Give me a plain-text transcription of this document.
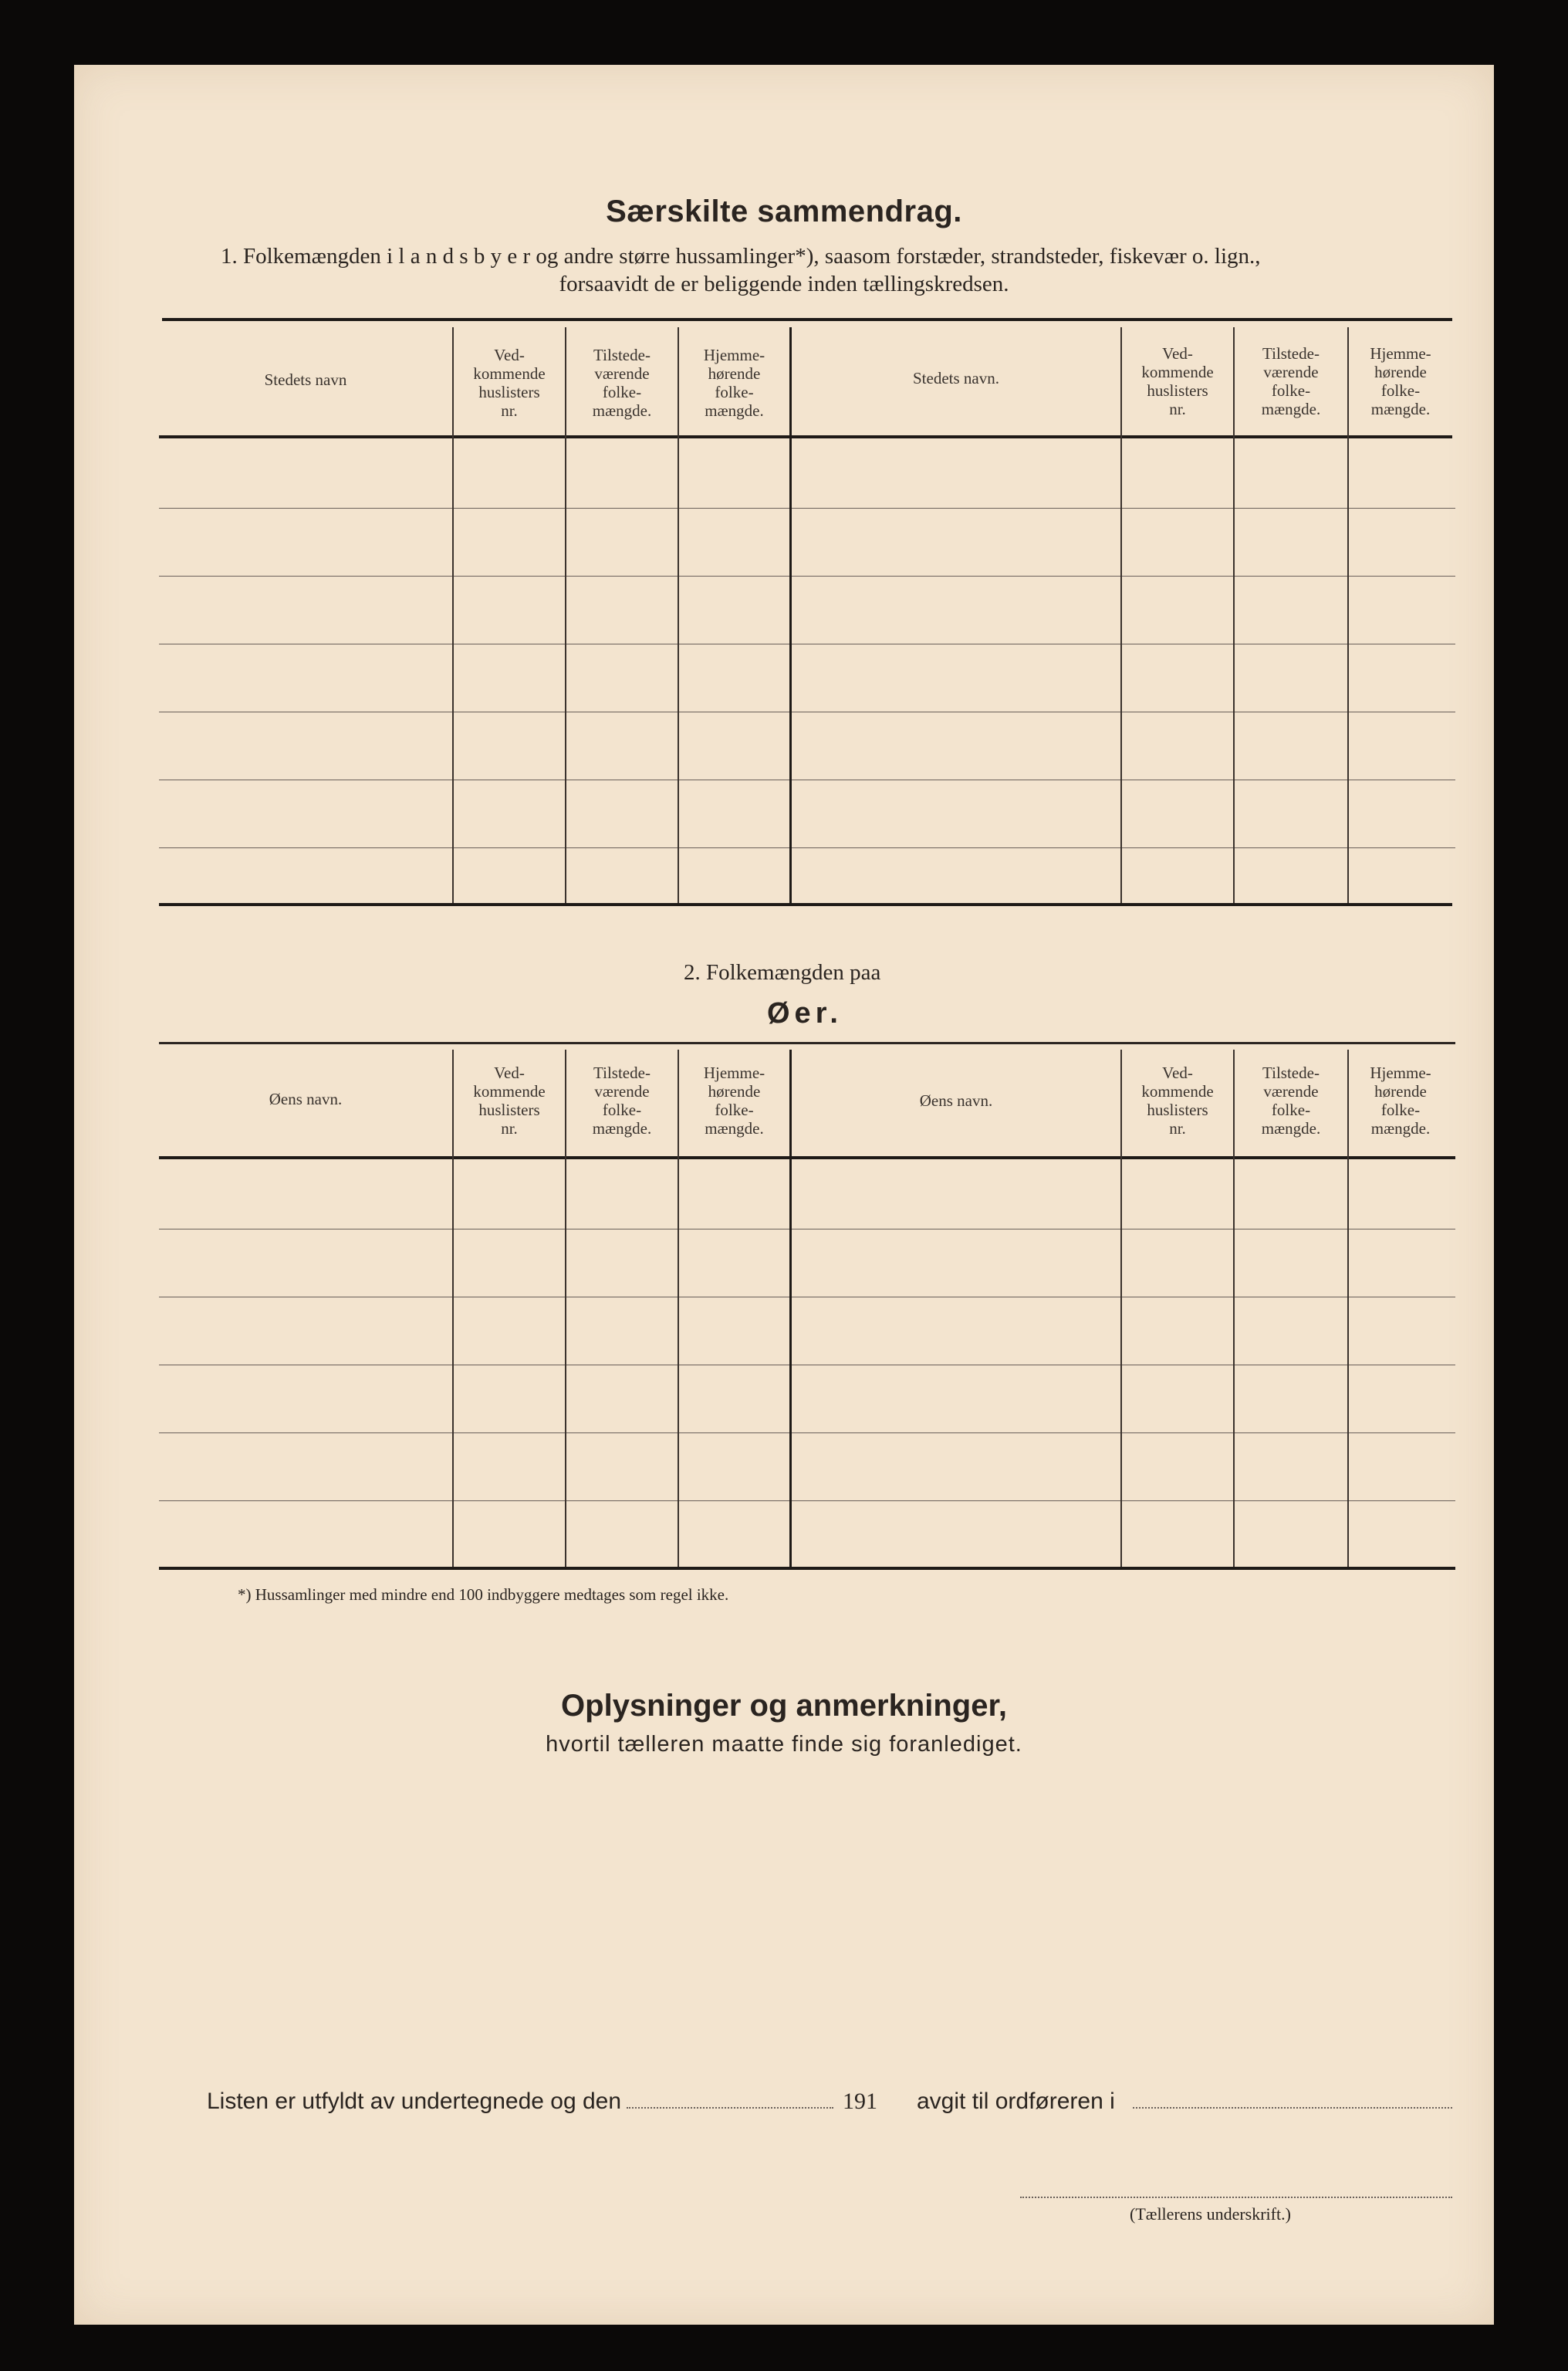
Særskilte sammendrag.
1. Folkemængden i l a n d s b y e r og andre større hussamlinger*), saasom forstæder, strandsteder, fiskevær o. lign.,
forsaavidt de er beliggende inden tællingskredsen.
Stedets navn
Ved-
kommende
huslisters
nr.
Tilstede-
værende
folke-
mængde.
Hjemme-
hørende
folke-
mængde.
Stedets navn.
Ved-
kommende
huslisters
nr.
Tilstede-
værende
folke-
mængde.
Hjemme-
hørende
folke-
mængde.
2. Folkemængden paa
Øer.
Øens navn.
Ved-
kommende
huslisters
nr.
Tilstede-
værende
folke-
mængde.
Hjemme-
hørende
folke-
mængde.
Øens navn.
Ved-
kommende
huslisters
nr.
Tilstede-
værende
folke-
mængde.
Hjemme-
hørende
folke-
mængde.
*) Hussamlinger med mindre end 100 indbyggere medtages som regel ikke.
Oplysninger og anmerkninger,
hvortil tælleren maatte finde sig foranlediget.
Listen er utfyldt av undertegnede og den	191 avgit til ordføreren i
(Tællerens underskrift.)
